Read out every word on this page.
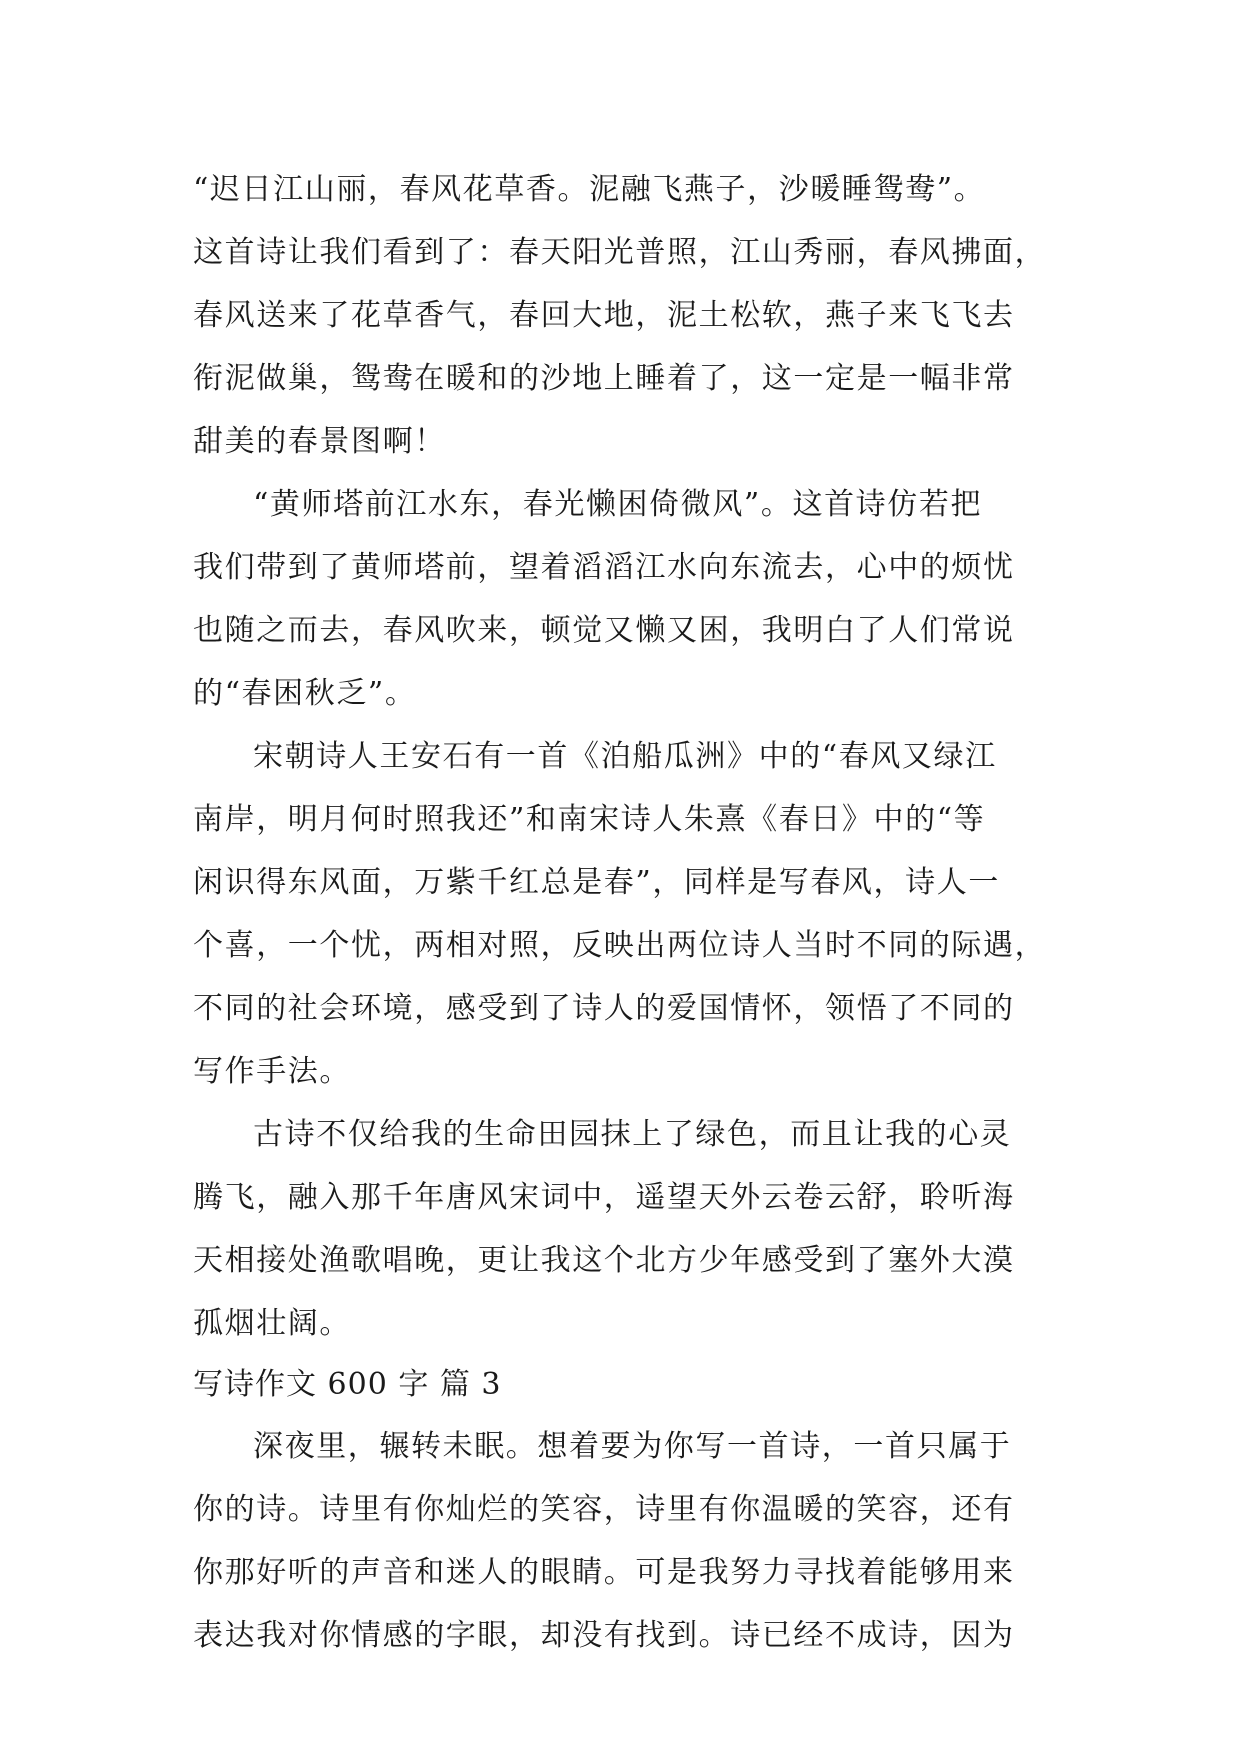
“迟日江山丽，春风花草香。泥融飞燕子，沙暖睡鸳鸯”。
这首诗让我们看到了：春天阳光普照，江山秀丽，春风拂面，
春风送来了花草香气，春回大地，泥土松软，燕子来飞飞去
衔泥做巢，鸳鸯在暖和的沙地上睡着了，这一定是一幅非常
甜美的春景图啊！
“黄师塔前江水东，春光懒困倚微风”。这首诗仿若把
我们带到了黄师塔前，望着滔滔江水向东流去，心中的烦忧
也随之而去，春风吹来，顿觉又懒又困，我明白了人们常说
的“春困秋乏”。
宋朝诗人王安石有一首《泊船瓜洲》中的“春风又绿江
南岸，明月何时照我还”和南宋诗人朱熹《春日》中的“等
闲识得东风面，万紫千红总是春”，同样是写春风，诗人一
个喜，一个忧，两相对照，反映出两位诗人当时不同的际遇，
不同的社会环境，感受到了诗人的爱国情怀，领悟了不同的
写作手法。
古诗不仅给我的生命田园抹上了绿色，而且让我的心灵
腾飞，融入那千年唐风宋词中，遥望天外云卷云舒，聆听海
天相接处渔歌唱晚，更让我这个北方少年感受到了塞外大漠
孤烟壮阔。
写诗作文 600 字 篇 3
深夜里，辗转未眠。想着要为你写一首诗，一首只属于
你的诗。诗里有你灿烂的笑容，诗里有你温暖的笑容，还有
你那好听的声音和迷人的眼睛。可是我努力寻找着能够用来
表达我对你情感的字眼，却没有找到。诗已经不成诗，因为
